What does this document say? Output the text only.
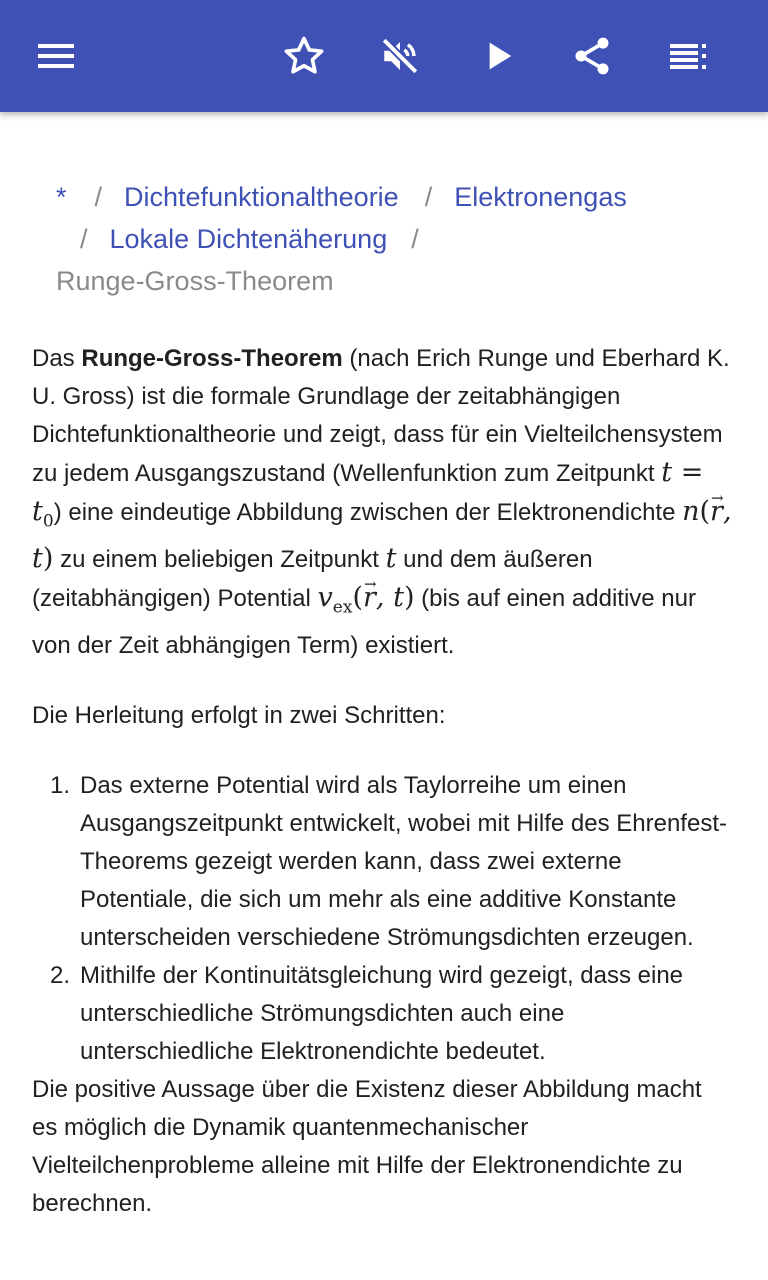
* / Dichtefunktionaltheorie / Elektronengas
/ Lokale Dichtenäherung /
Runge-Gross-Theorem

Das Runge-Gross-Theorem (nach Erich Runge und Eberhard K. U. Gross) ist die formale Grundlage der zeitabhängigen Dichtefunktionaltheorie und zeigt, dass für ein Vielteilchensystem zu jedem Ausgangszustand (Wellenfunktion zum Zeitpunkt $t = t_0$) eine eindeutige Abbildung zwischen der Elektronendichte n(→ r, t) zu einem beliebigen Zeitpunkt t und dem äußeren (zeitabhängigen) Potential $v_{ex}(\to r$, t) (bis auf einen additive nur von der Zeit abhängigen Term) existiert.

Die Herleitung erfolgt in zwei Schritten:

1. Das externe Potential wird als Taylorreihe um einen Ausgangszeitpunkt entwickelt, wobei mit Hilfe des Ehrenfest-Theorems gezeigt werden kann, dass zwei externe Potentiale, die sich um mehr als eine additive Konstante unterscheiden verschiedene Strömungsdichten erzeugen.
2. Mithilfe der Kontinuitätsgleichung wird gezeigt, dass eine unterschiedliche Strömungsdichten auch eine unterschiedliche Elektronendichte bedeutet.

Die positive Aussage über die Existenz dieser Abbildung macht es möglich die Dynamik quantenmechanischer Vielteilchenprobleme alleine mit Hilfe der Elektronendichte zu berechnen.
